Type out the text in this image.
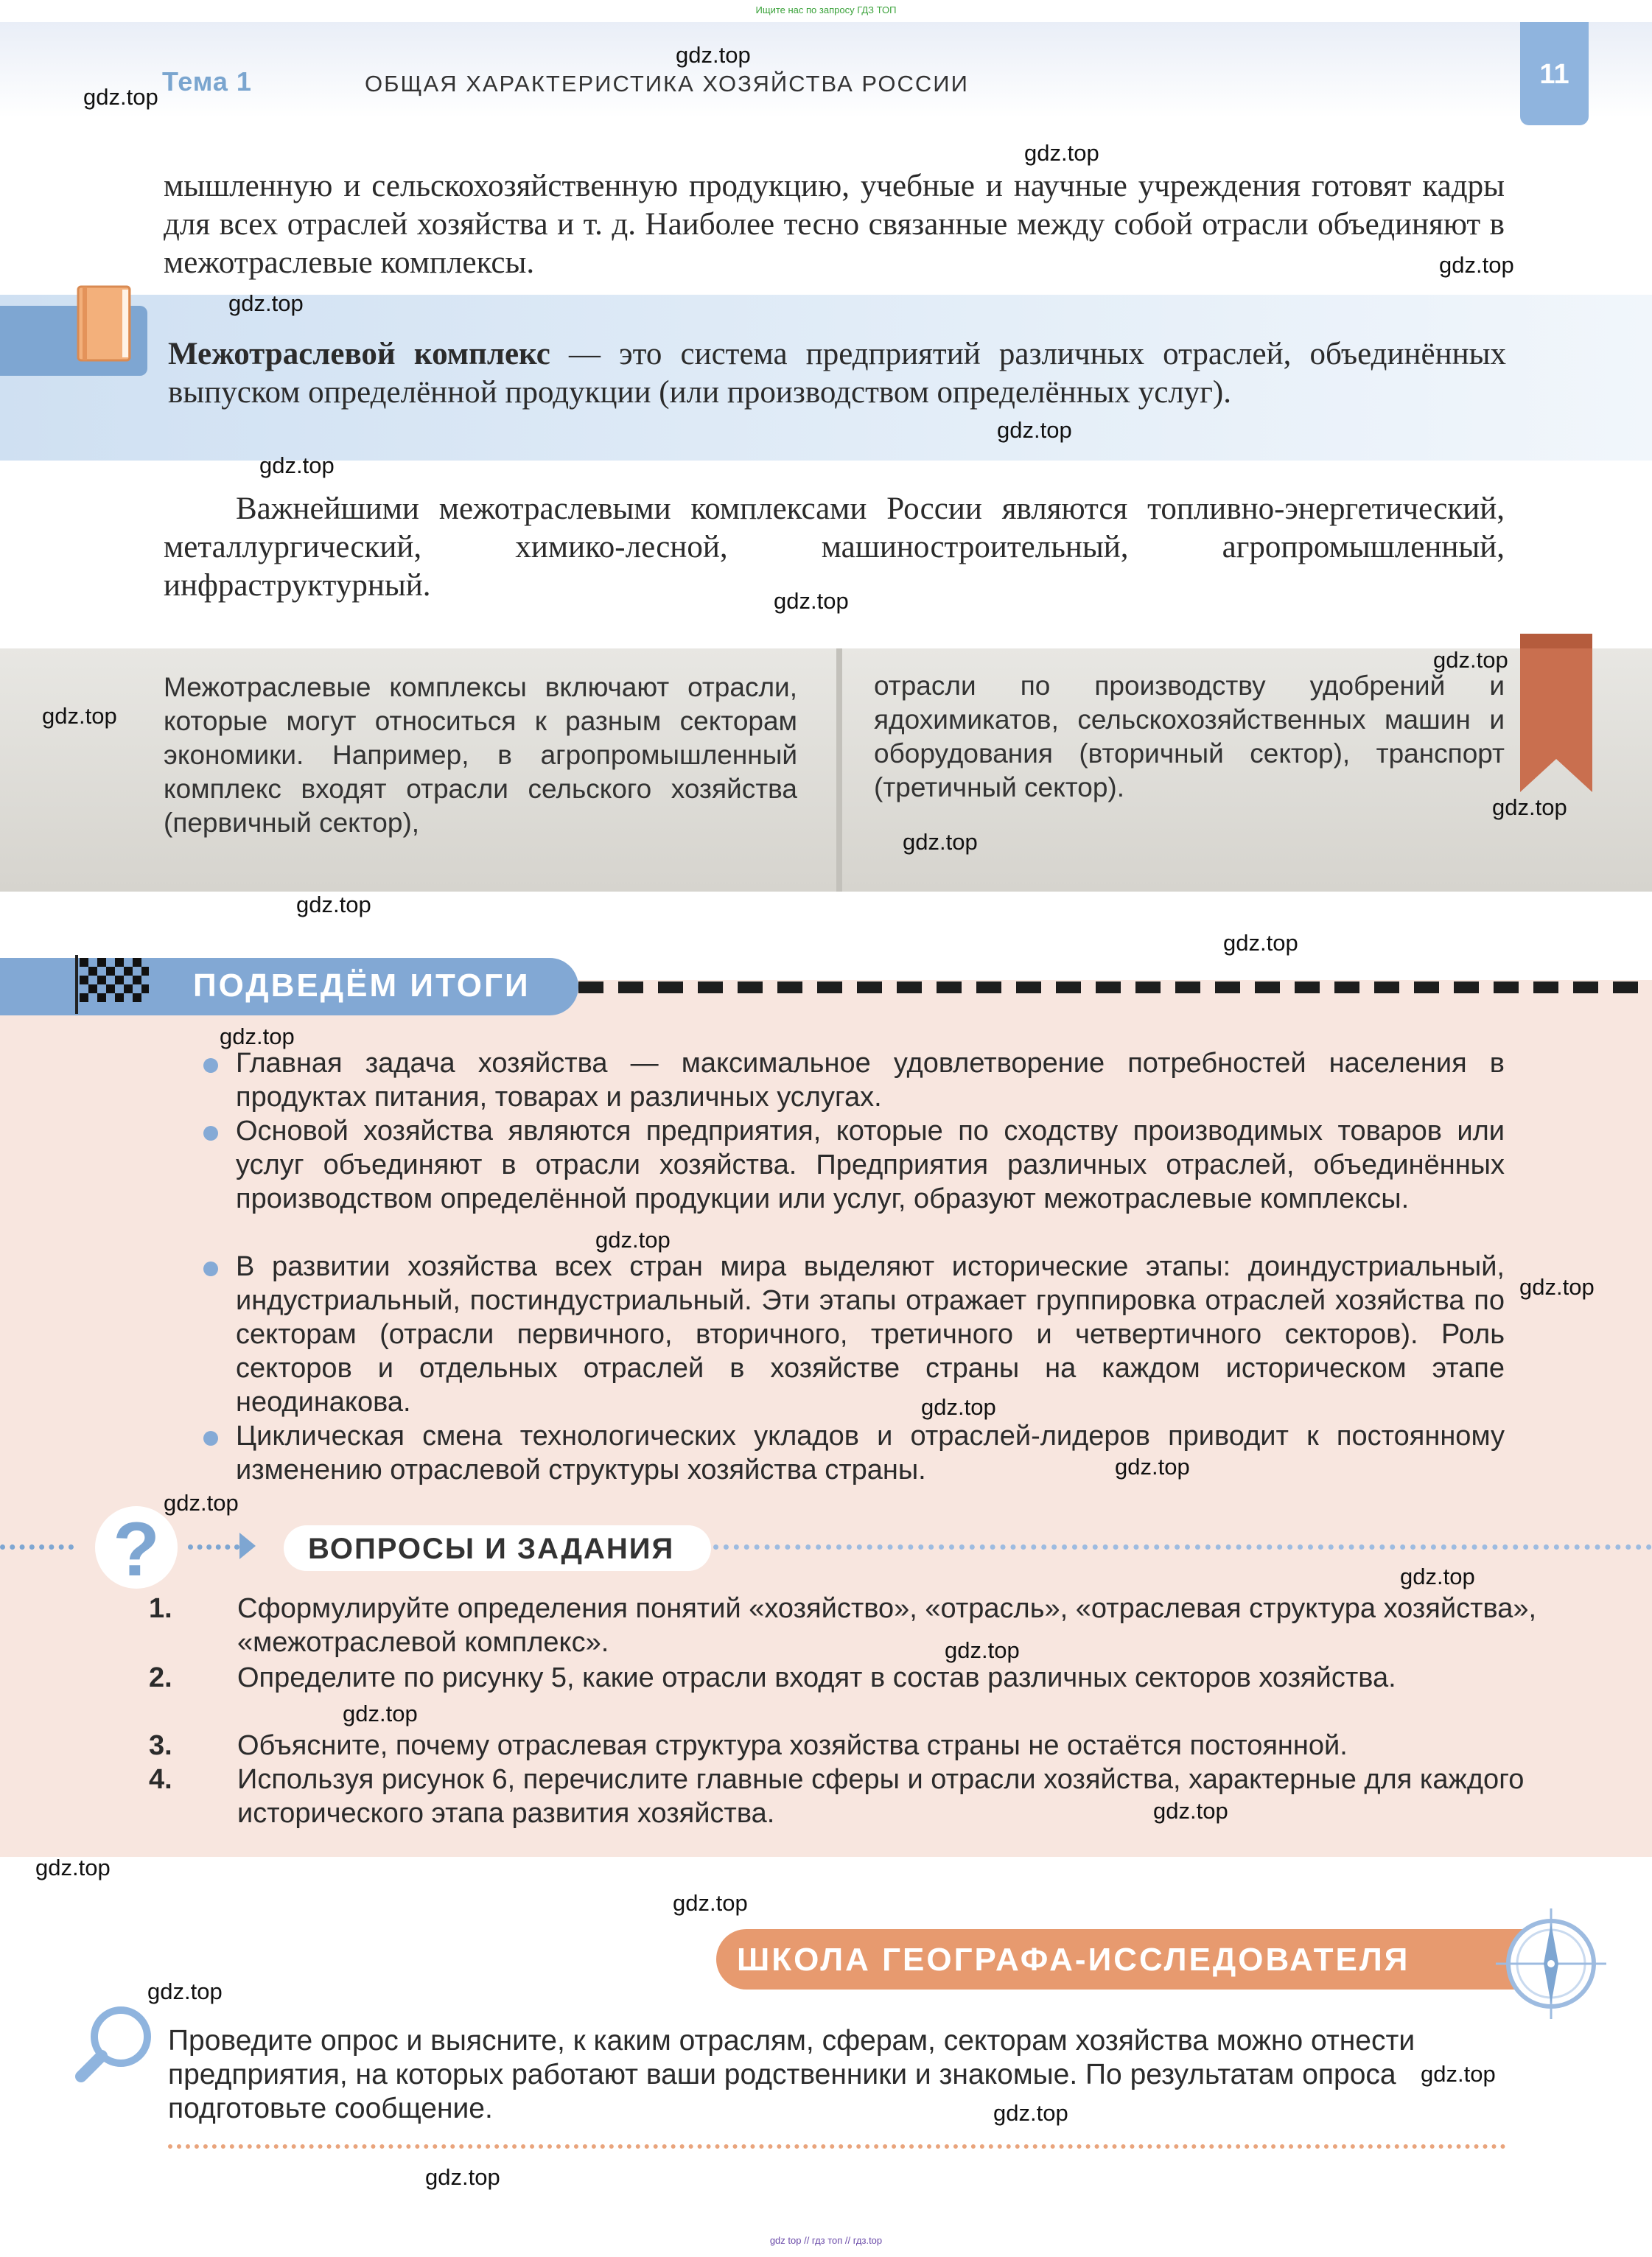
Ищите нас по запросу ГДЗ ТОП
Тема 1	ОБЩАЯ ХАРАКТЕРИСТИКА ХОЗЯЙСТВА РОССИИ	11
мышленную и сельскохозяйственную продукцию, учебные и научные учреждения готовят кадры для всех отраслей хозяйства и т. д. Наиболее тесно связанные между собой отрасли объединяют в межотраслевые комплексы.
Межотраслевой комплекс — это система предприятий различных отраслей, объединённых выпуском определённой продукции (или производством определённых услуг).
Важнейшими межотраслевыми комплексами России являются топливно-энергетический, металлургический, химико-лесной, машиностроительный, агропромышленный, инфраструктурный.
Межотраслевые комплексы включают отрасли, которые могут относиться к разным секторам экономики. Например, в агропромышленный комплекс входят отрасли сельского хозяйства (первичный сектор),
отрасли по производству удобрений и ядохимикатов, сельскохозяйственных машин и оборудования (вторичный сектор), транспорт (третичный сектор).
ПОДВЕДЁМ ИТОГИ
Главная задача хозяйства — максимальное удовлетворение потребностей населения в продуктах питания, товарах и различных услугах.
Основой хозяйства являются предприятия, которые по сходству производимых товаров или услуг объединяют в отрасли хозяйства. Предприятия различных отраслей, объединённых производством определённой продукции или услуг, образуют межотраслевые комплексы.
В развитии хозяйства всех стран мира выделяют исторические этапы: доиндустриальный, индустриальный, постиндустриальный. Эти этапы отражает группировка отраслей хозяйства по секторам (отрасли первичного, вторичного, третичного и четвертичного секторов). Роль секторов и отдельных отраслей в хозяйстве страны на каждом историческом этапе неодинакова.
Циклическая смена технологических укладов и отраслей-лидеров приводит к постоянному изменению отраслевой структуры хозяйства страны.
?	ВОПРОСЫ И ЗАДАНИЯ
1. Сформулируйте определения понятий «хозяйство», «отрасль», «отраслевая структура хозяйства», «межотраслевой комплекс».
2. Определите по рисунку 5, какие отрасли входят в состав различных секторов хозяйства.
3. Объясните, почему отраслевая структура хозяйства страны не остаётся постоянной.
4. Используя рисунок 6, перечислите главные сферы и отрасли хозяйства, характерные для каждого исторического этапа развития хозяйства.
ШКОЛА ГЕОГРАФА-ИССЛЕДОВАТЕЛЯ
Проведите опрос и выясните, к каким отраслям, сферам, секторам хозяйства можно отнести предприятия, на которых работают ваши родственники и знакомые. По результатам опроса подготовьте сообщение.
gdz.top
gdz.top
gdz.top
gdz.top
gdz.top
gdz.top
gdz.top
gdz.top
gdz.top
gdz.top
gdz.top
gdz.top
gdz.top
gdz.top
gdz.top
gdz.top
gdz.top
gdz.top
gdz.top
gdz.top
gdz.top
gdz.top
gdz.top
gdz.top
gdz.top
gdz.top
gdz.top
gdz.top
gdz.top
gdz.top
gdz top // гдз топ // гдз.top
